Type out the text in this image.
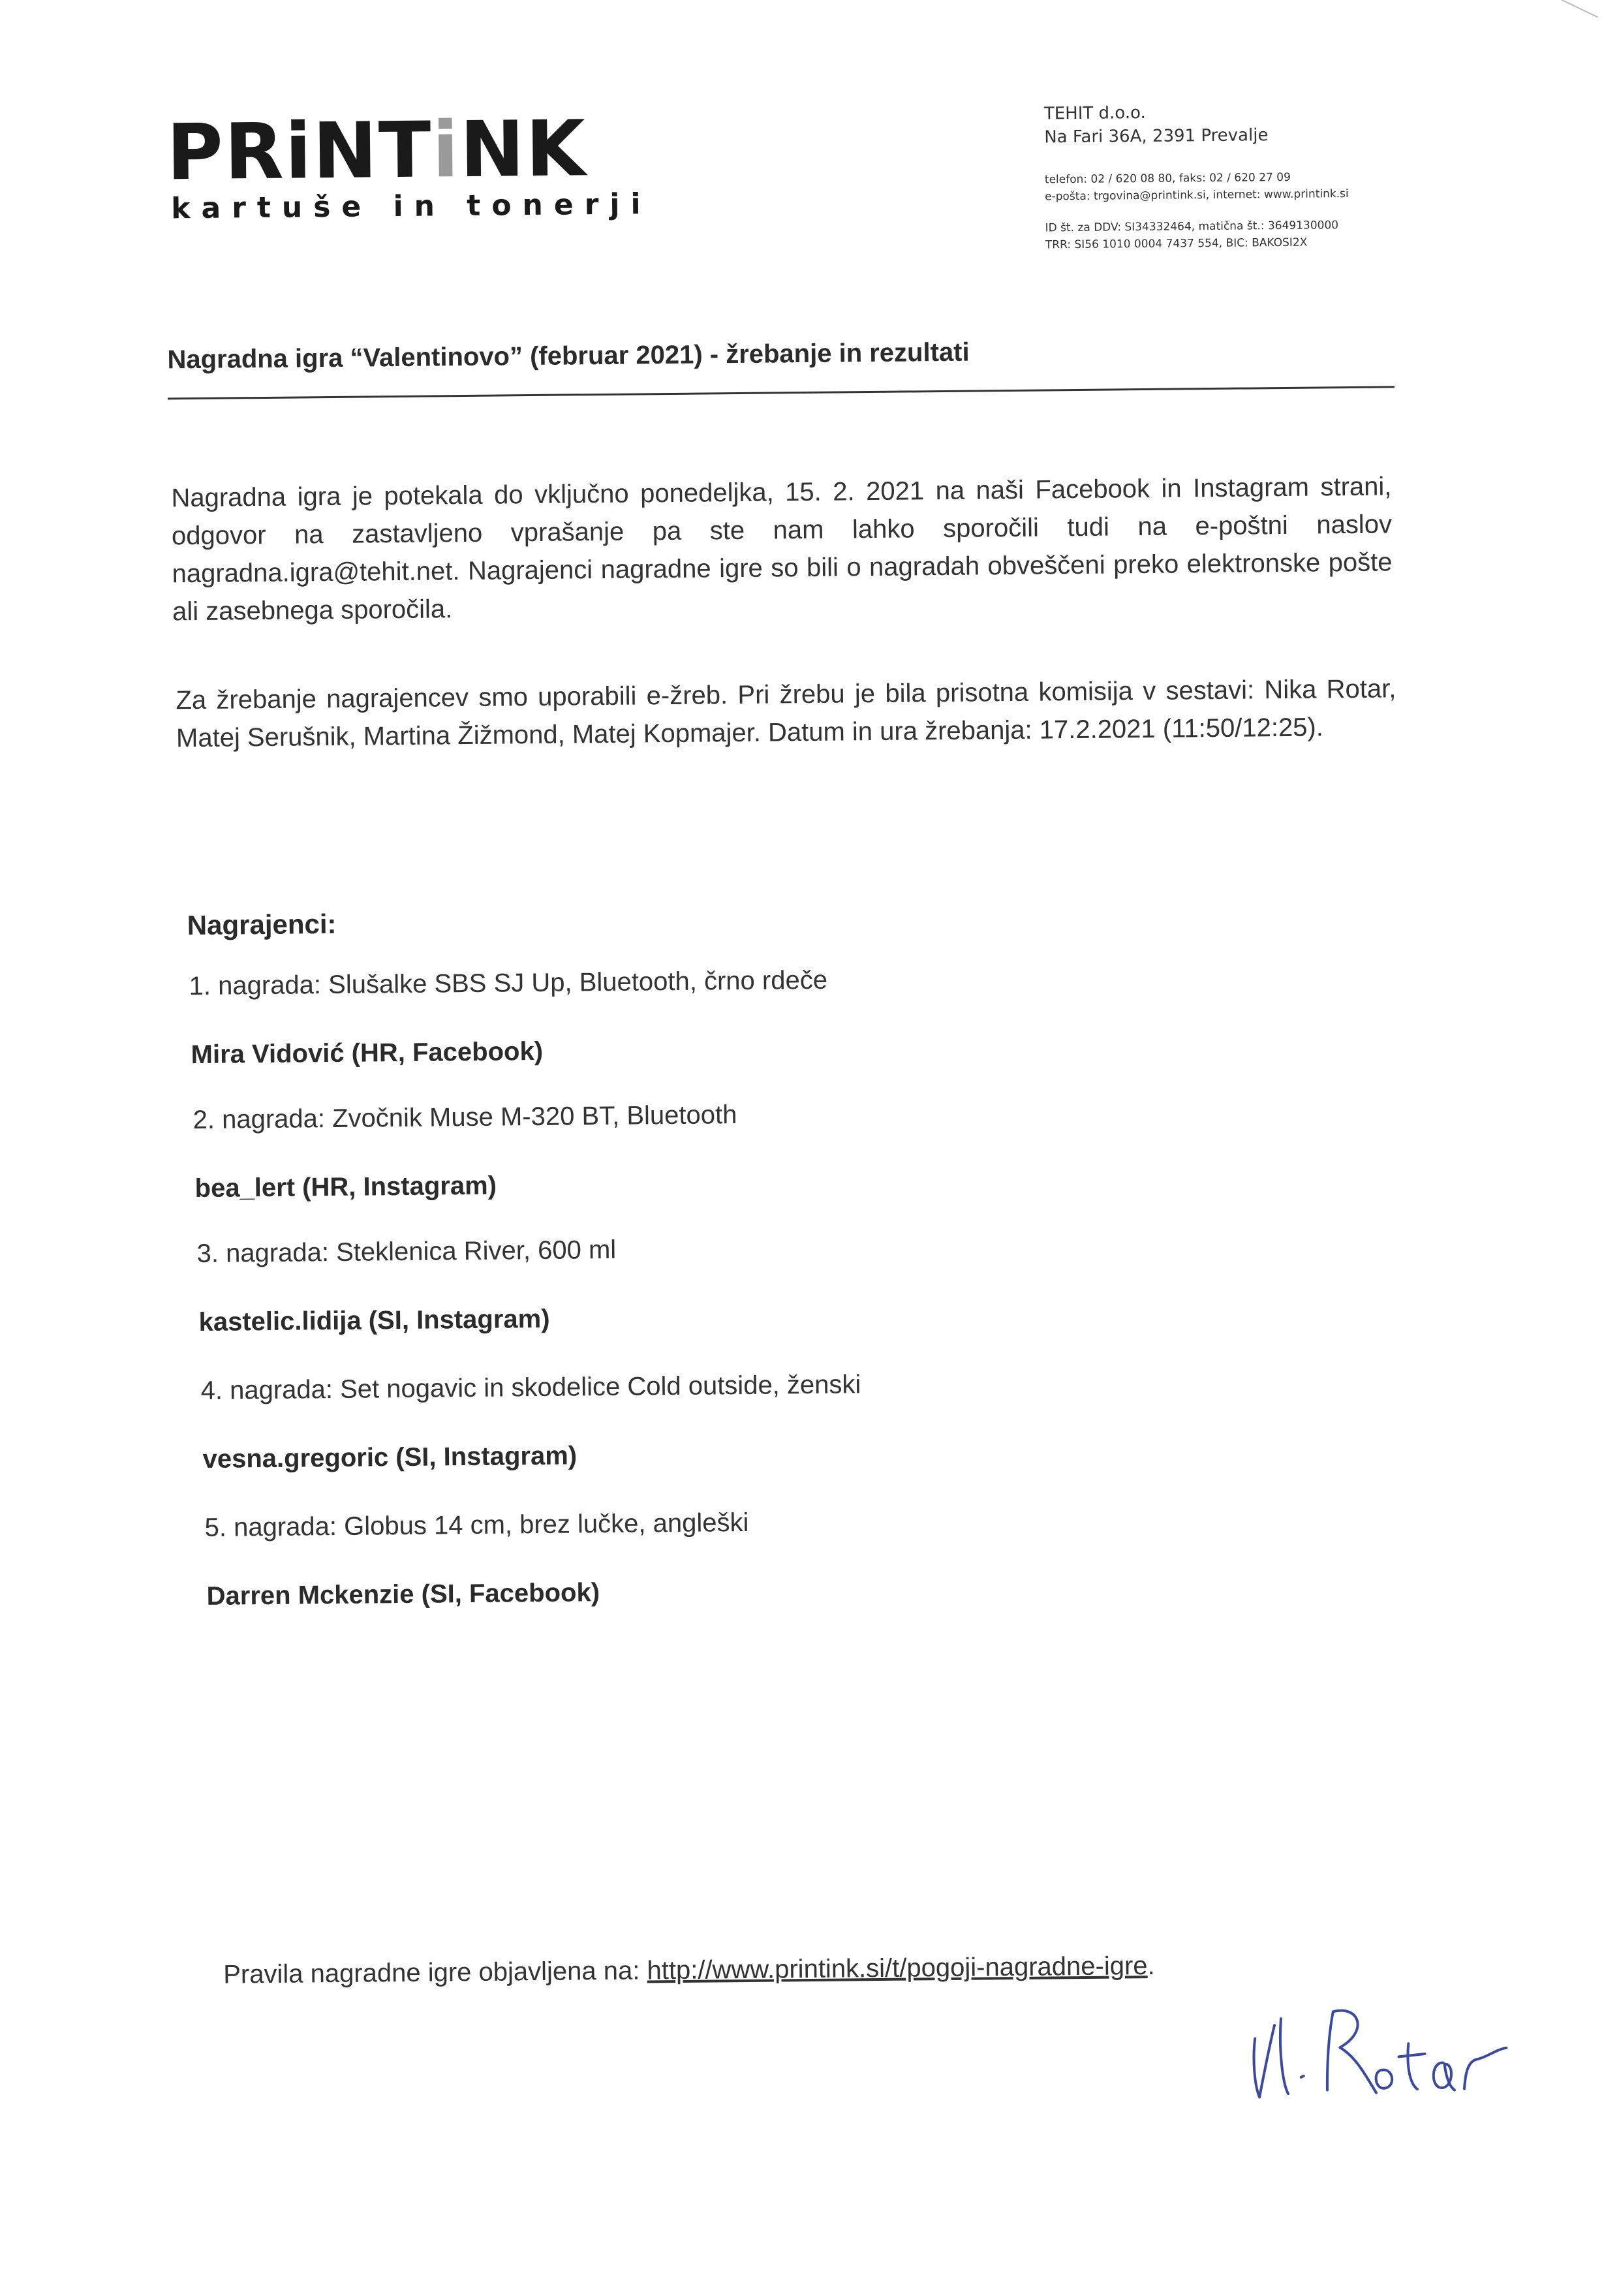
PRiNTiNK
kartuše in tonerji
TEHIT d.o.o.
Na Fari 36A, 2391 Prevalje
telefon: 02 / 620 08 80, faks: 02 / 620 27 09
e-pošta: trgovina@printink.si, internet: www.printink.si
ID št. za DDV: SI34332464, matična št.: 3649130000
TRR: SI56 1010 0004 7437 554, BIC: BAKOSI2X
Nagradna igra “Valentinovo” (februar 2021) - žrebanje in rezultati
Nagradna igra je potekala do vključno ponedeljka, 15. 2. 2021 na naši Facebook in Instagram strani, odgovor na zastavljeno vprašanje pa ste nam lahko sporočili tudi na e-poštni naslov nagradna.igra@tehit.net. Nagrajenci nagradne igre so bili o nagradah obveščeni preko elektronske pošte ali zasebnega sporočila.
Za žrebanje nagrajencev smo uporabili e-žreb. Pri žrebu je bila prisotna komisija v sestavi: Nika Rotar, Matej Serušnik, Martina Žižmond, Matej Kopmajer. Datum in ura žrebanja: 17.2.2021 (11:50/12:25).
Nagrajenci:
1. nagrada: Slušalke SBS SJ Up, Bluetooth, črno rdeče
Mira Vidović (HR, Facebook)
2. nagrada: Zvočnik Muse M-320 BT, Bluetooth
bea_lert (HR, Instagram)
3. nagrada: Steklenica River, 600 ml
kastelic.lidija (SI, Instagram)
4. nagrada: Set nogavic in skodelice Cold outside, ženski
vesna.gregoric (SI, Instagram)
5. nagrada: Globus 14 cm, brez lučke, angleški
Darren Mckenzie (SI, Facebook)
Pravila nagradne igre objavljena na: http://www.printink.si/t/pogoji-nagradne-igre.
